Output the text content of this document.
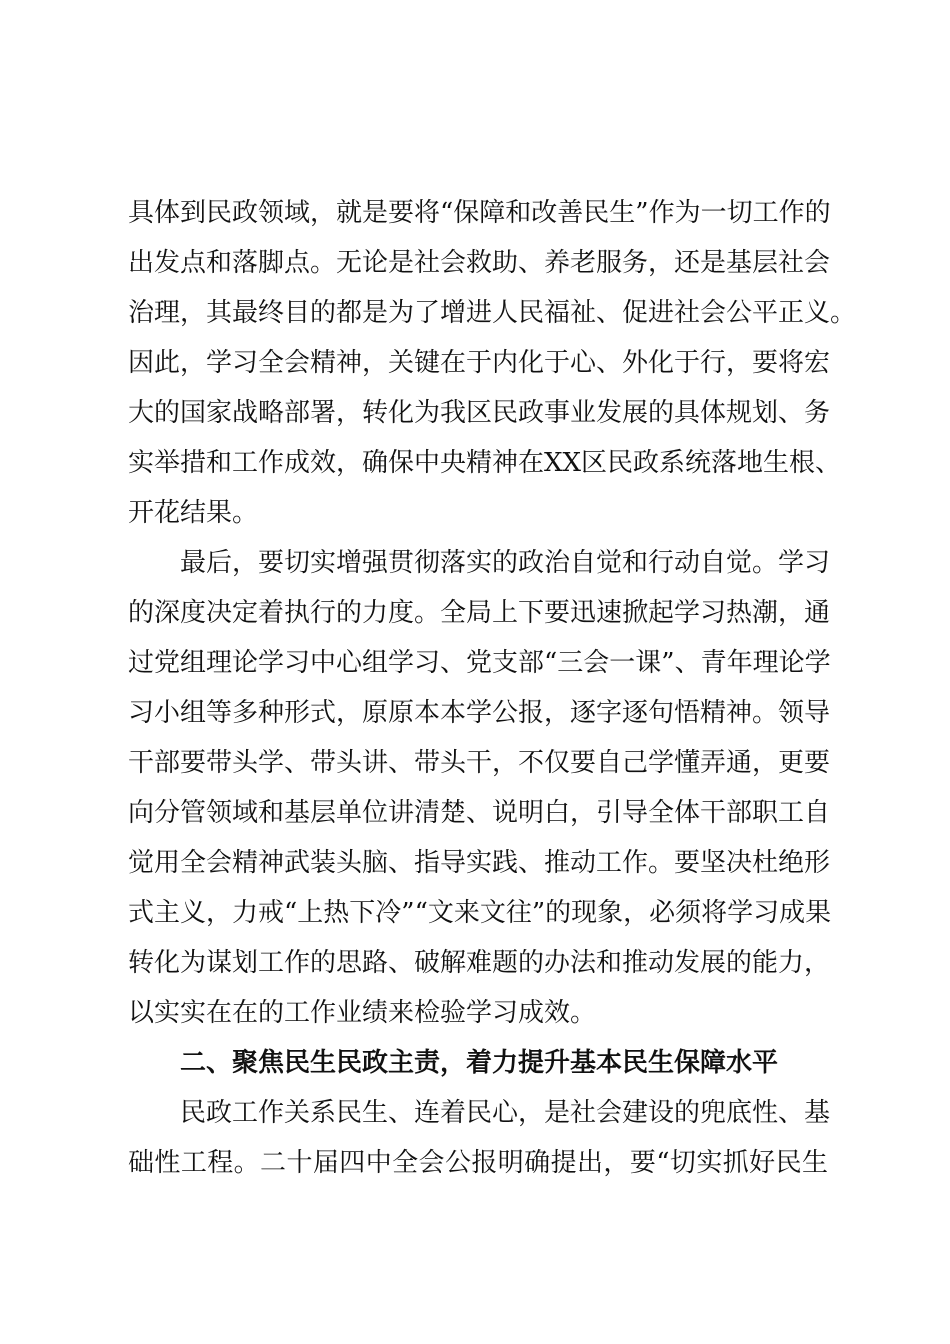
具体到民政领域，就是要将“保障和改善民生”作为一切工作的
出发点和落脚点。无论是社会救助、养老服务，还是基层社会
治理，其最终目的都是为了增进人民福祉、促进社会公平正义。
因此，学习全会精神，关键在于内化于心、外化于行，要将宏
大的国家战略部署，转化为我区民政事业发展的具体规划、务
实举措和工作成效，确保中央精神在XX区民政系统落地生根、
开花结果。
最后，要切实增强贯彻落实的政治自觉和行动自觉。学习
的深度决定着执行的力度。全局上下要迅速掀起学习热潮，通
过党组理论学习中心组学习、党支部“三会一课”、青年理论学
习小组等多种形式，原原本本学公报，逐字逐句悟精神。领导
干部要带头学、带头讲、带头干，不仅要自己学懂弄通，更要
向分管领域和基层单位讲清楚、说明白，引导全体干部职工自
觉用全会精神武装头脑、指导实践、推动工作。要坚决杜绝形
式主义，力戒“上热下冷”“文来文往”的现象，必须将学习成果
转化为谋划工作的思路、破解难题的办法和推动发展的能力，
以实实在在的工作业绩来检验学习成效。
二、聚焦民生民政主责，着力提升基本民生保障水平
民政工作关系民生、连着民心，是社会建设的兜底性、基
础性工程。二十届四中全会公报明确提出，要“切实抓好民生
